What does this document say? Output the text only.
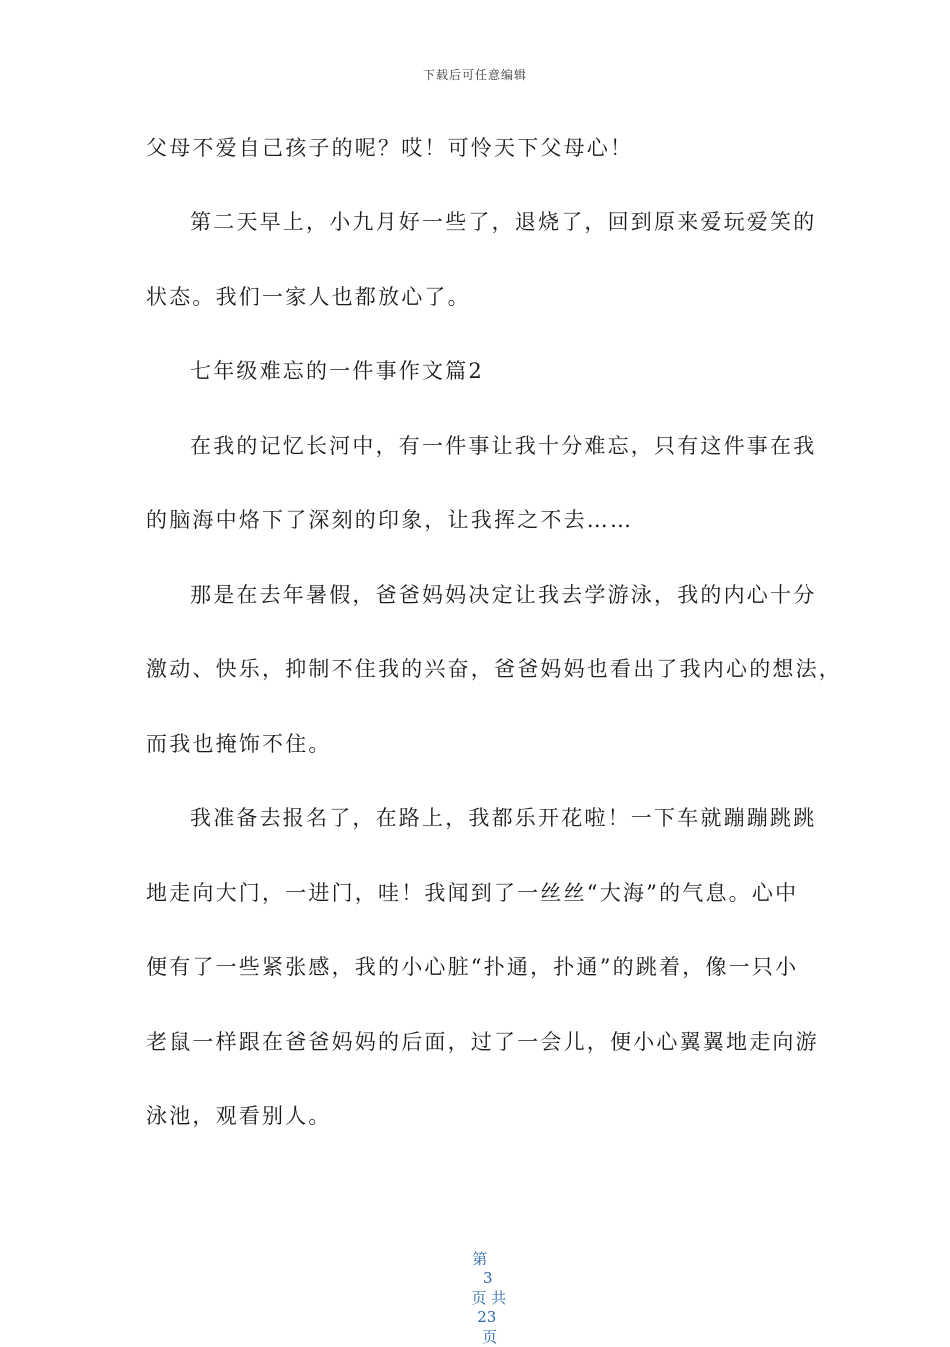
下载后可任意编辑
父母不爱自己孩子的呢？哎！可怜天下父母心！
第二天早上，小九月好一些了，退烧了，回到原来爱玩爱笑的
状态。我们一家人也都放心了。
七年级难忘的一件事作文篇2
在我的记忆长河中，有一件事让我十分难忘，只有这件事在我
的脑海中烙下了深刻的印象，让我挥之不去……
那是在去年暑假，爸爸妈妈决定让我去学游泳，我的内心十分
激动、快乐，抑制不住我的兴奋，爸爸妈妈也看出了我内心的想法，
而我也掩饰不住。
我准备去报名了，在路上，我都乐开花啦！一下车就蹦蹦跳跳
地走向大门，一进门，哇！我闻到了一丝丝“大海”的气息。心中
便有了一些紧张感，我的小心脏“扑通，扑通”的跳着，像一只小
老鼠一样跟在爸爸妈妈的后面，过了一会儿，便小心翼翼地走向游
泳池，观看别人。

第
3
页 共
23
页
